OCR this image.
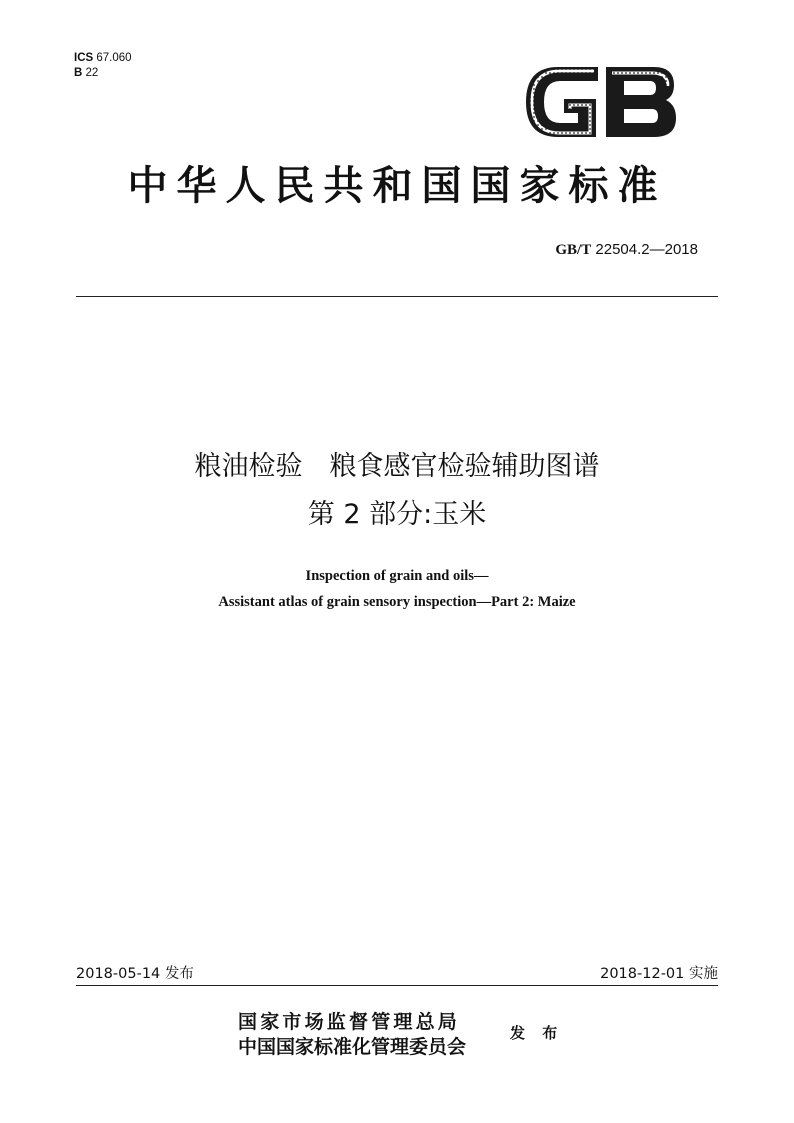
ICS 67.060
B 22
中华人民共和国国家标准
GB/T 22504.2—2018
粮油检验　粮食感官检验辅助图谱
第 2 部分:玉米
Inspection of grain and oils—
Assistant atlas of grain sensory inspection—Part 2: Maize
2018-05-14 发布	2018-12-01 实施
国家市场监督管理总局
中国国家标准化管理委员会
发 布
